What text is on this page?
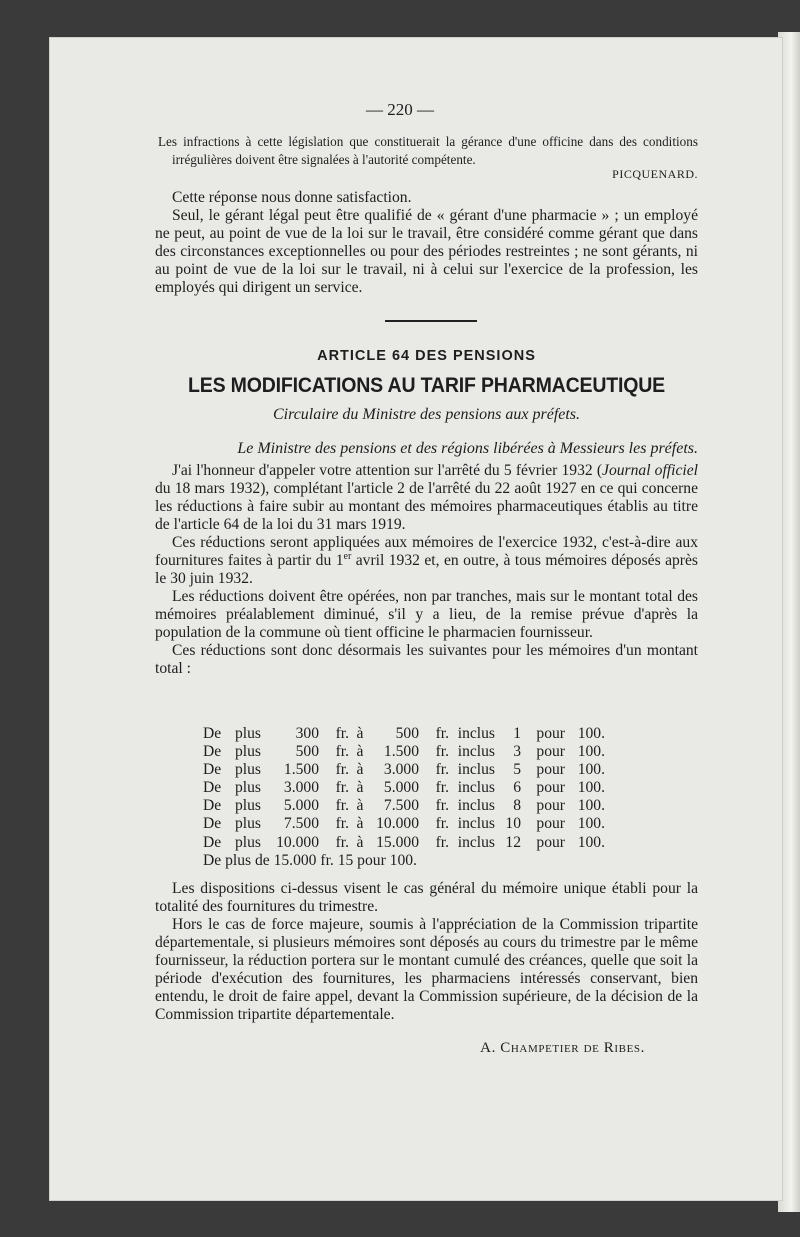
— 220 —
Les infractions à cette législation que constituerait la gérance d'une officine dans des conditions irrégulières doivent être signalées à l'autorité compétente.
PICQUENARD.

Cette réponse nous donne satisfaction.

Seul, le gérant légal peut être qualifié de « gérant d'une pharmacie » ; un employé ne peut, au point de vue de la loi sur le travail, être considéré comme gérant que dans des circonstances exceptionnelles ou pour des périodes restreintes ; ne sont gérants, ni au point de vue de la loi sur le travail, ni à celui sur l'exercice de la profession, les employés qui dirigent un service.

ARTICLE 64 DES PENSIONS
LES MODIFICATIONS AU TARIF PHARMACEUTIQUE
Circulaire du Ministre des pensions aux préfets.
Le Ministre des pensions et des régions libérées à Messieurs les préfets.

J'ai l'honneur d'appeler votre attention sur l'arrêté du 5 février 1932 (Journal officiel du 18 mars 1932), complétant l'article 2 de l'arrêté du 22 août 1927 en ce qui concerne les réductions à faire subir au montant des mémoires pharmaceutiques établis au titre de l'article 64 de la loi du 31 mars 1919.

Ces réductions seront appliquées aux mémoires de l'exercice 1932, c'est-à-dire aux fournitures faites à partir du 1er avril 1932 et, en outre, à tous mémoires déposés après le 30 juin 1932.

Les réductions doivent être opérées, non par tranches, mais sur le montant total des mémoires préalablement diminué, s'il y a lieu, de la remise prévue d'après la population de la commune où tient officine le pharmacien fournisseur.

Ces réductions sont donc désormais les suivantes pour les mémoires d'un montant total :

De plus	300	fr. à	500	fr. inclus	1 pour 100.
De plus	500	fr. à	1.500	fr. inclus	3 pour 100.
De plus	1.500	fr. à	3.000	fr. inclus	5 pour 100.
De plus	3.000	fr. à	5.000	fr. inclus	6 pour 100.
De plus	5.000	fr. à	7.500	fr. inclus	8 pour 100.
De plus	7.500	fr. à 10.000	fr. inclus 10 pour 100.
De plus 10.000	fr. à 15.000	fr. inclus 12 pour 100.
De plus de 15.000 fr. 15 pour 100.

Les dispositions ci-dessus visent le cas général du mémoire unique établi pour la totalité des fournitures du trimestre.

Hors le cas de force majeure, soumis à l'appréciation de la Commission tripartite départementale, si plusieurs mémoires sont déposés au cours du trimestre par le même fournisseur, la réduction portera sur le montant cumulé des créances, quelle que soit la période d'exécution des fournitures, les pharmaciens intéressés conservant, bien entendu, le droit de faire appel, devant la Commission supérieure, de la décision de la Commission tripartite départementale.

A. Champetier de Ribes.
